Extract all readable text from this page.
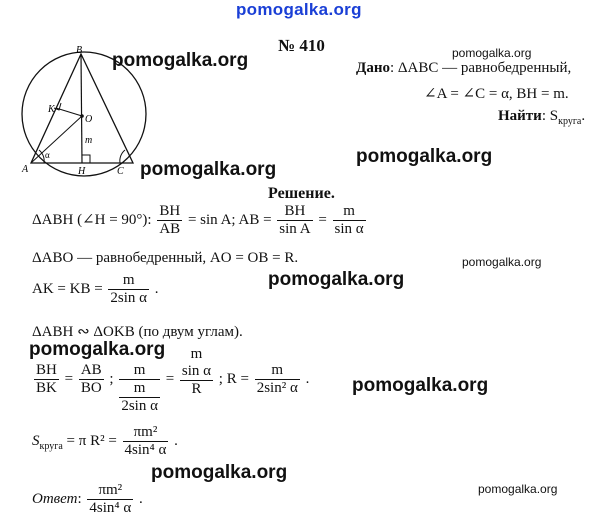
pomogalka.org
pomogalka.org
pomogalka.org
pomogalka.org
pomogalka.org
pomogalka.org
pomogalka.org
pomogalka.org
pomogalka.org
pomogalka.org
pomogalka.org
№ 410
Дано: ΔABC — равнобедренный,
∠A = ∠C = α, BH = m.
Найти: $S_{круга}$.
B
K
O
m
α
A	H	C
Решение.
ΔABH (∠H = 90°): $\frac{BH}{AB} = \sin A$; AB = $\frac{BH}{\text{sin A}} = \frac{m}{\text{sin α}}$
ΔABO — равнобедренный, AO = OB = R.
AK = KB = $\frac{m}{\text{2sin α}}$ .
ΔABH ∾ ΔOKB (по двум углам).
$\frac{BH}{BK} = \frac{AB}{BO}$ ;
m
m
2sin α
=
m
sin α
R
; $R = \frac{m}{\text{2sin² α}}$ .
$S_{круга} = \pi$ $R^2 = \frac{\text{πm²}}{\text{4sin⁴ α}}$ .
Ответ: $\frac{\text{πm²}}{\text{4sin⁴ α}}$ .
